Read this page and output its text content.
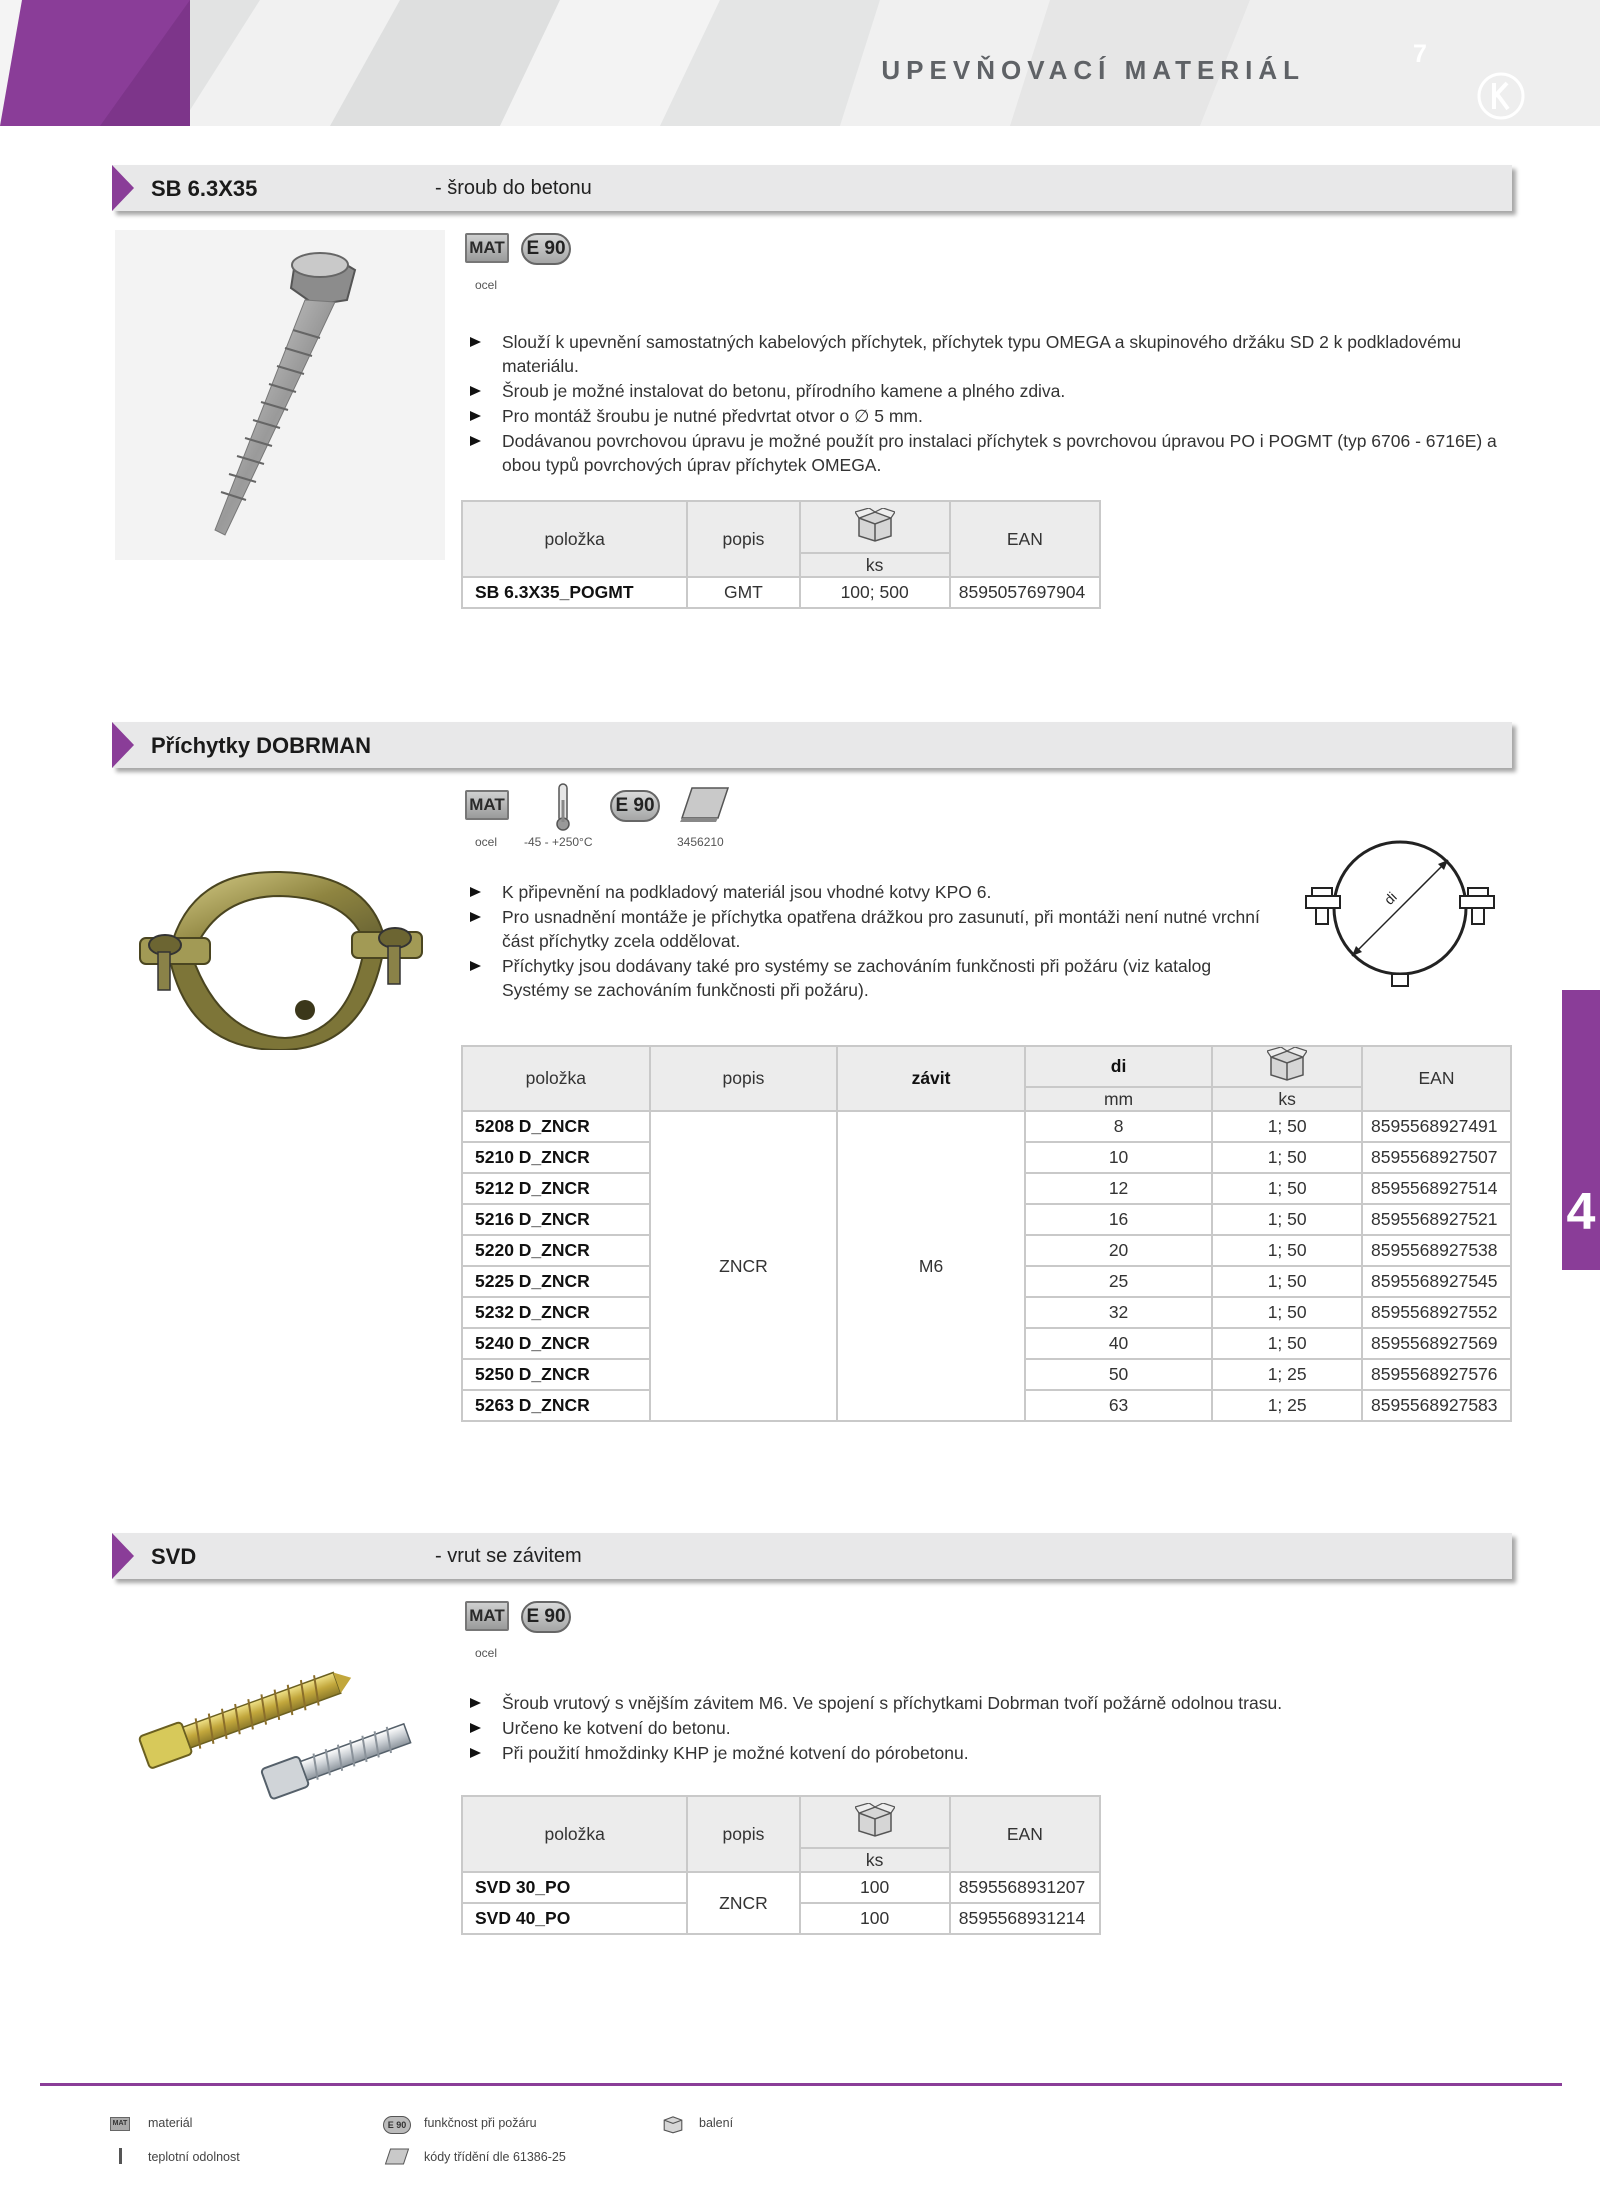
UPEVŇOVACÍ MATERIÁL
7
SB 6.3X35	- šroub do betonu
MAT E 90
ocel
Slouží k upevnění samostatných kabelových příchytek, příchytek typu OMEGA a skupinového držáku SD 2 k podkladovému materiálu.
Šroub je možné instalovat do betonu, přírodního kamene a plného zdiva.
Pro montáž šroubu je nutné předvrtat otvor o ∅ 5 mm.
Dodávanou povrchovou úpravu je možné použít pro instalaci příchytek s povrchovou úpravou PO i POGMT (typ 6706 - 6716E) a obou typů povrchových úprav příchytek OMEGA.
položka	popis		EAN
		ks	
SB 6.3X35_POGMT	GMT	100; 500	8595057697904
Příchytky DOBRMAN
MAT	E 90
ocel -45 - +250°C	3456210
K připevnění na podkladový materiál jsou vhodné kotvy KPO 6.
Pro usnadnění montáže je příchytka opatřena drážkou pro zasunutí, při montáži není nutné vrchní část příchytky zcela oddělovat.
Příchytky jsou dodávany také pro systémy se zachováním funkčnosti při požáru (viz katalog Systémy se zachováním funkčnosti při požáru).
di
položka	popis	závit	di		EAN
			mm	ks	
5208 D_ZNCR	ZNCR	M6	8	1; 50	8595568927491
5210 D_ZNCR			10	1; 50	8595568927507
5212 D_ZNCR			12	1; 50	8595568927514
5216 D_ZNCR			16	1; 50	8595568927521
5220 D_ZNCR			20	1; 50	8595568927538
5225 D_ZNCR			25	1; 50	8595568927545
5232 D_ZNCR			32	1; 50	8595568927552
5240 D_ZNCR			40	1; 50	8595568927569
5250 D_ZNCR			50	1; 25	8595568927576
5263 D_ZNCR			63	1; 25	8595568927583
4
SVD	- vrut se závitem
MAT E 90
ocel
Šroub vrutový s vnějším závitem M6. Ve spojení s příchytkami Dobrman tvoří požárně odolnou trasu.
Určeno ke kotvení do betonu.
Při použití hmoždinky KHP je možné kotvení do pórobetonu.
položka	popis		EAN
		ks	
SVD 30_PO	ZNCR	100	8595568931207
SVD 40_PO		100	8595568931214
MAT materiál	E 90	funkčnost při požáru	balení
teplotní odolnost	kódy třídění dle 61386-25
